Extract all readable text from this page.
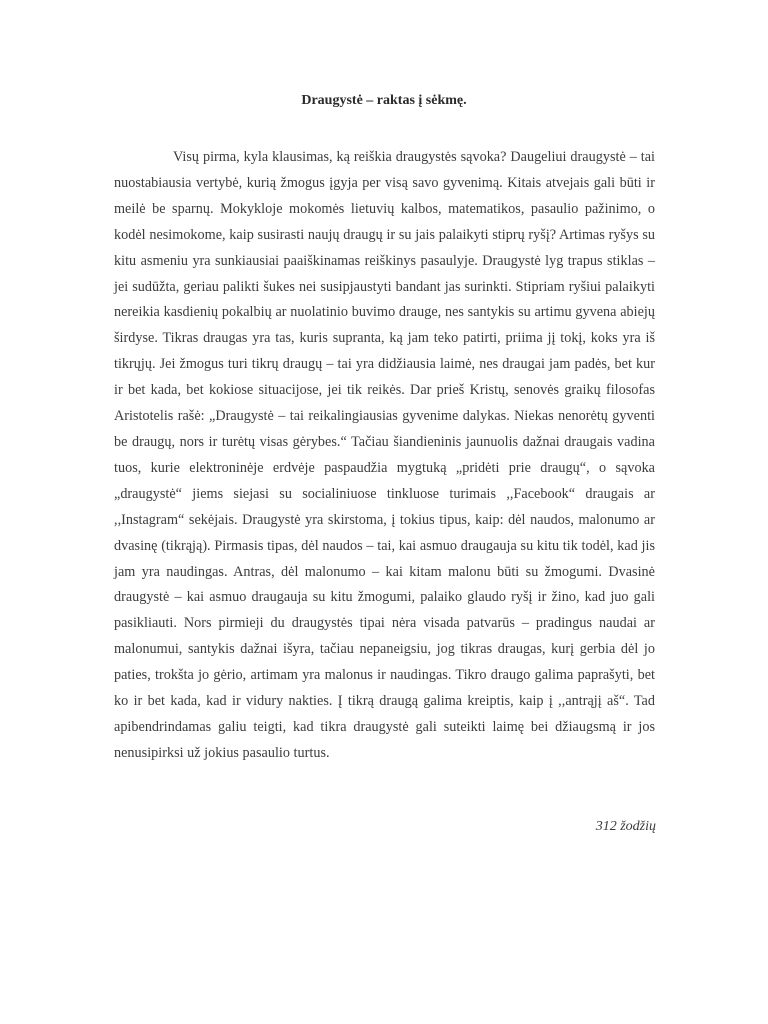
Draugystė – raktas į sėkmę.

Visų pirma, kyla klausimas, ką reiškia draugystės sąvoka? Daugeliui draugystė – tai nuostabiausia vertybė, kurią žmogus įgyja per visą savo gyvenimą. Kitais atvejais gali būti ir meilė be sparnų. Mokykloje mokomės lietuvių kalbos, matematikos, pasaulio pažinimo, o kodėl nesimokome, kaip susirasti naujų draugų ir su jais palaikyti stiprų ryšį? Artimas ryšys su kitu asmeniu yra sunkiausiai paaiškinamas reiškinys pasaulyje. Draugystė lyg trapus stiklas – jei sudūžta, geriau palikti šukes nei susipjaustyti bandant jas surinkti. Stipriam ryšiui palaikyti nereikia kasdienių pokalbių ar nuolatinio buvimo drauge, nes santykis su artimu gyvena abiejų širdyse. Tikras draugas yra tas, kuris supranta, ką jam teko patirti, priima jį tokį, koks yra iš tikrųjų. Jei žmogus turi tikrų draugų – tai yra didžiausia laimė, nes draugai jam padės, bet kur ir bet kada, bet kokiose situacijose, jei tik reikės. Dar prieš Kristų, senovės graikų filosofas Aristotelis rašė: „Draugystė – tai reikalingiausias gyvenime dalykas. Niekas nenorėtų gyventi be draugų, nors ir turėtų visas gėrybes.“ Tačiau šiandieninis jaunuolis dažnai draugais vadina tuos, kurie elektroninėje erdvėje paspaudžia mygtuką „pridėti prie draugų“, o sąvoka „draugystė“ jiems siejasi su socialiniuose tinkluose turimais ,,Facebook“ draugais ar ,,Instagram“ sekėjais. Draugystė yra skirstoma, į tokius tipus, kaip: dėl naudos, malonumo ar dvasinę (tikrąją). Pirmasis tipas, dėl naudos – tai, kai asmuo draugauja su kitu tik todėl, kad jis jam yra naudingas. Antras, dėl malonumo – kai kitam malonu būti su žmogumi. Dvasinė draugystė – kai asmuo draugauja su kitu žmogumi, palaiko glaudo ryšį ir žino, kad juo gali pasikliauti. Nors pirmieji du draugystės tipai nėra visada patvarūs – pradingus naudai ar malonumui, santykis dažnai išyra, tačiau nepaneigsiu, jog tikras draugas, kurį gerbia dėl jo paties, trokšta jo gėrio, artimam yra malonus ir naudingas. Tikro draugo galima paprašyti, bet ko ir bet kada, kad ir vidury nakties. Į tikrą draugą galima kreiptis, kaip į ,,antrąjį aš“. Tad apibendrindamas galiu teigti, kad tikra draugystė gali suteikti laimę bei džiaugsmą ir jos nenusipirksi už jokius pasaulio turtus.

312 žodžių
